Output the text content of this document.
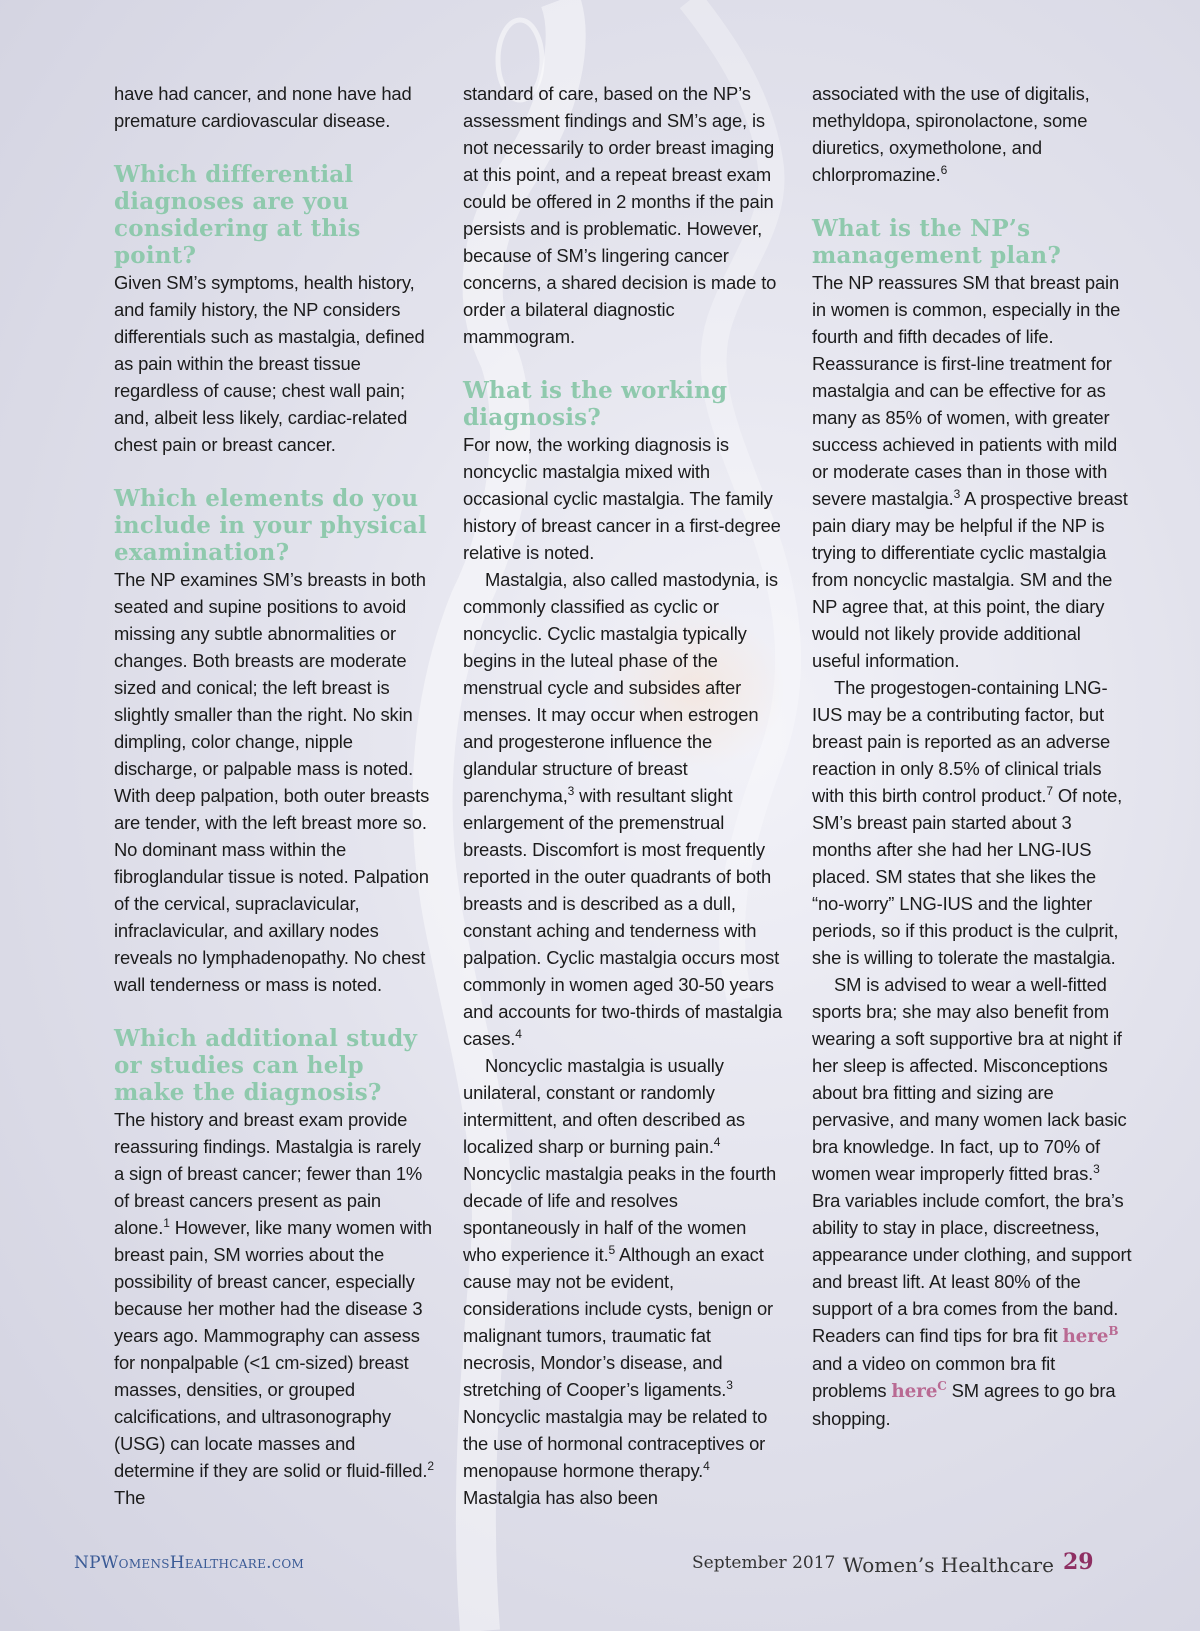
have had cancer, and none have had premature cardiovascular disease.

Which differential diagnoses are you considering at this point?

Given SM’s symptoms, health history, and family history, the NP considers differentials such as mastalgia, defined as pain within the breast tissue regardless of cause; chest wall pain; and, albeit less likely, cardiac-related chest pain or breast cancer.

Which elements do you include in your physical examination?

The NP examines SM’s breasts in both seated and supine positions to avoid missing any subtle abnormalities or changes. Both breasts are moderate sized and conical; the left breast is slightly smaller than the right. No skin dimpling, color change, nipple discharge, or palpable mass is noted. With deep palpation, both outer breasts are tender, with the left breast more so. No dominant mass within the fibroglandular tissue is noted. Palpation of the cervical, supraclavicular, infraclavicular, and axillary nodes reveals no lymphadenopathy. No chest wall tenderness or mass is noted.

Which additional study or studies can help make the diagnosis?

The history and breast exam provide reassuring findings. Mastalgia is rarely a sign of breast cancer; fewer than 1% of breast cancers present as pain alone.$^1$ However, like many women with breast pain, SM worries about the possibility of breast cancer, especially because her mother had the disease 3 years ago. Mammography can assess for nonpalpable (<1 cm-sized) breast masses, densities, or grouped calcifications, and ultrasonography (USG) can locate masses and determine if they are solid or fluid-filled.$^2$ The

standard of care, based on the NP’s assessment findings and SM’s age, is not necessarily to order breast imaging at this point, and a repeat breast exam could be offered in 2 months if the pain persists and is problematic. However, because of SM’s lingering cancer concerns, a shared decision is made to order a bilateral diagnostic mammogram.

What is the working diagnosis?

For now, the working diagnosis is noncyclic mastalgia mixed with occasional cyclic mastalgia. The family history of breast cancer in a first-degree relative is noted.

Mastalgia, also called mastodynia, is commonly classified as cyclic or noncyclic. Cyclic mastalgia typically begins in the luteal phase of the menstrual cycle and subsides after menses. It may occur when estrogen and progesterone influence the glandular structure of breast parenchyma,$^3$ with resultant slight enlargement of the premenstrual breasts. Discomfort is most frequently reported in the outer quadrants of both breasts and is described as a dull, constant aching and tenderness with palpation. Cyclic mastalgia occurs most commonly in women aged 30-50 years and accounts for two-thirds of mastalgia cases.$^4$

Noncyclic mastalgia is usually unilateral, constant or randomly intermittent, and often described as localized sharp or burning pain.$^4$ Noncyclic mastalgia peaks in the fourth decade of life and resolves spontaneously in half of the women who experience it.$^5$ Although an exact cause may not be evident, considerations include cysts, benign or malignant tumors, traumatic fat necrosis, Mondor’s disease, and stretching of Cooper’s ligaments.$^3$ Noncyclic mastalgia may be related to the use of hormonal contraceptives or menopause hormone therapy.$^4$ Mastalgia has also been

associated with the use of digitalis, methyldopa, spironolactone, some diuretics, oxymetholone, and chlorpromazine.$^6$

What is the NP’s management plan?

The NP reassures SM that breast pain in women is common, especially in the fourth and fifth decades of life. Reassurance is first-line treatment for mastalgia and can be effective for as many as 85% of women, with greater success achieved in patients with mild or moderate cases than in those with severe mastalgia.$^3$ A prospective breast pain diary may be helpful if the NP is trying to differentiate cyclic mastalgia from noncyclic mastalgia. SM and the NP agree that, at this point, the diary would not likely provide additional useful information.

The progestogen-containing LNG-IUS may be a contributing factor, but breast pain is reported as an adverse reaction in only 8.5% of clinical trials with this birth control product.$^7$ Of note, SM’s breast pain started about 3 months after she had her LNG-IUS placed. SM states that she likes the “no-worry” LNG-IUS and the lighter periods, so if this product is the culprit, she is willing to tolerate the mastalgia.

SM is advised to wear a well-fitted sports bra; she may also benefit from wearing a soft supportive bra at night if her sleep is affected. Misconceptions about bra fitting and sizing are pervasive, and many women lack basic bra knowledge. In fact, up to 70% of women wear improperly fitted bras.$^3$ Bra variables include comfort, the bra’s ability to stay in place, discreetness, appearance under clothing, and support and breast lift. At least 80% of the support of a bra comes from the band. Readers can find tips for bra fit here$^B$ and a video on common bra fit problems here$^C$ SM agrees to go bra shopping.

NPWomensHealthcare.com	September 2017 Women’s Healthcare 29
